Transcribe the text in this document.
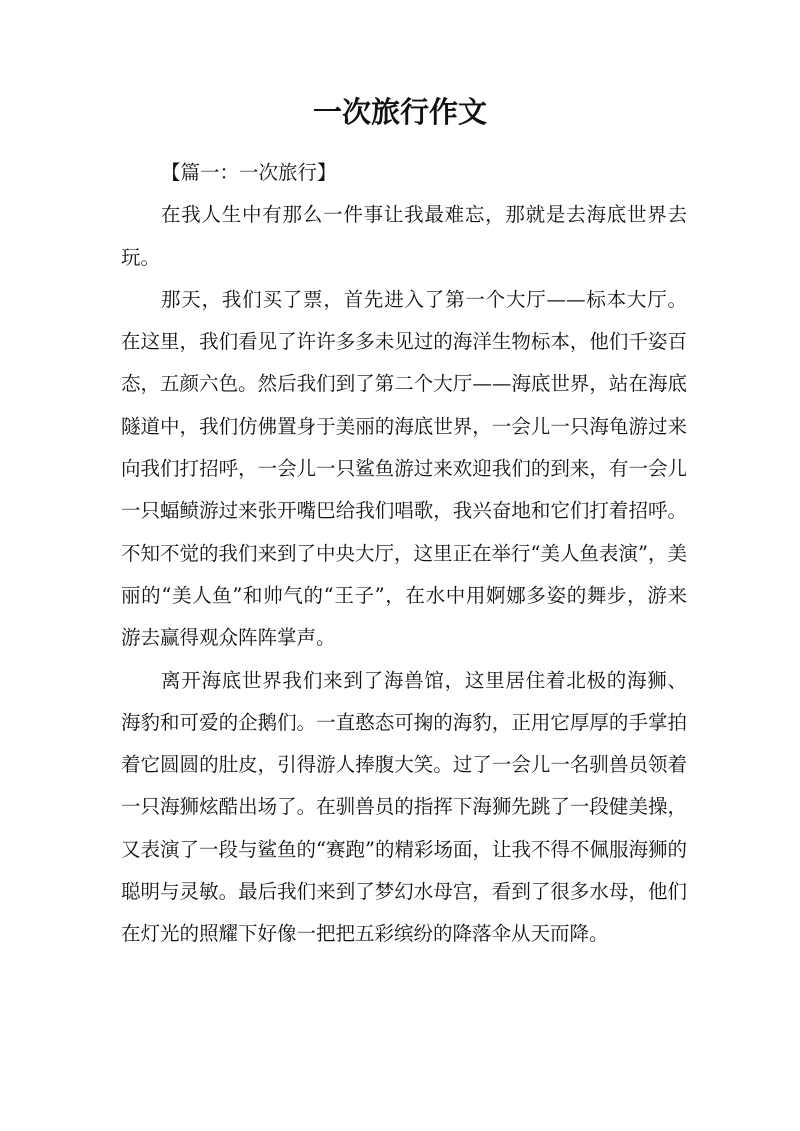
一次旅行作文

【篇一：一次旅行】

在我人生中有那么一件事让我最难忘，那就是去海底世界去玩。

那天，我们买了票，首先进入了第一个大厅——标本大厅。在这里，我们看见了许许多多未见过的海洋生物标本，他们千姿百态，五颜六色。然后我们到了第二个大厅——海底世界，站在海底隧道中，我们仿佛置身于美丽的海底世界，一会儿一只海龟游过来向我们打招呼，一会儿一只鲨鱼游过来欢迎我们的到来，有一会儿一只蝠鲼游过来张开嘴巴给我们唱歌，我兴奋地和它们打着招呼。不知不觉的我们来到了中央大厅，这里正在举行“美人鱼表演”，美丽的“美人鱼”和帅气的“王子”，在水中用婀娜多姿的舞步，游来游去赢得观众阵阵掌声。

离开海底世界我们来到了海兽馆，这里居住着北极的海狮、海豹和可爱的企鹅们。一直憨态可掬的海豹，正用它厚厚的手掌拍着它圆圆的肚皮，引得游人捧腹大笑。过了一会儿一名驯兽员领着一只海狮炫酷出场了。在驯兽员的指挥下海狮先跳了一段健美操，又表演了一段与鲨鱼的“赛跑”的精彩场面，让我不得不佩服海狮的聪明与灵敏。最后我们来到了梦幻水母宫，看到了很多水母，他们在灯光的照耀下好像一把把五彩缤纷的降落伞从天而降。
